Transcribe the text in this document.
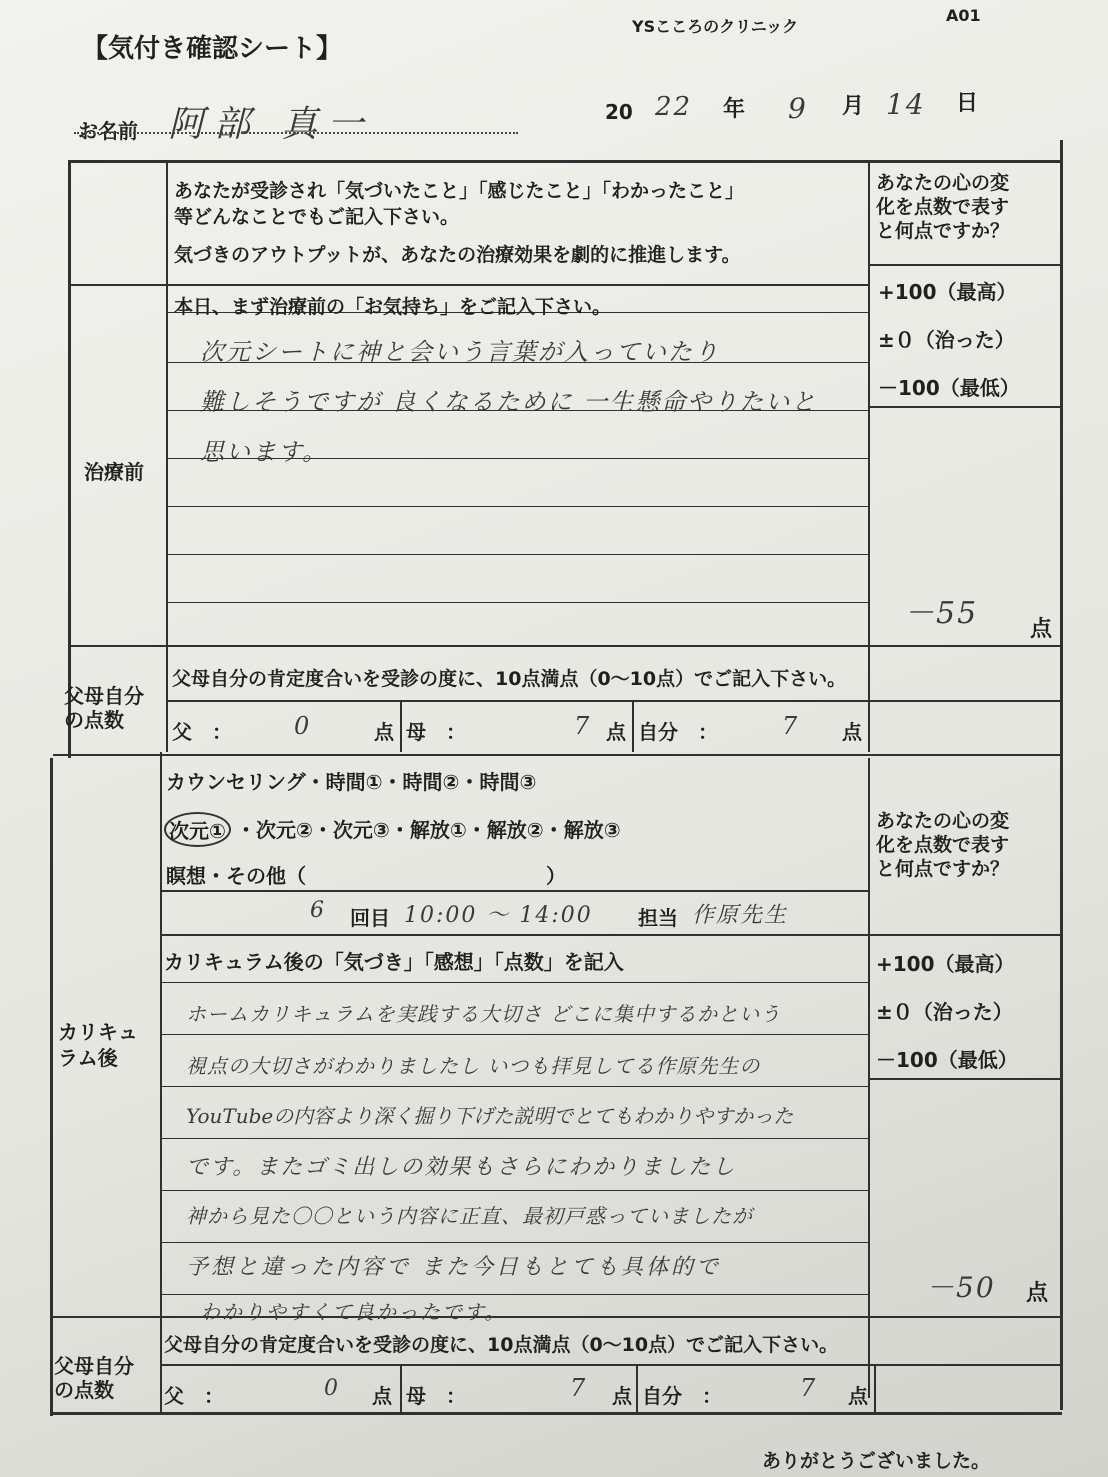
【気付き確認シート】
YSこころのクリニック
A01
お名前 阿部 真一	20 22 年 9 月 14 日
あなたが受診され「気づいたこと」「感じたこと」「わかったこと」
等どんなことでもご記入下さい。
気づきのアウトプットが、あなたの治療効果を劇的に推進します。
あなたの心の変
化を点数で表す
と何点ですか？
治療前
本日、まず治療前の「お気持ち」をご記入下さい。
次元シートに神と会いう言葉が入っていたり
難しそうですが 良くなるために 一生懸命やりたいと
思います。
+100（最高）
±０（治った）
－100（最低）
－55 点
父母自分
の点数
父母自分の肯定度合いを受診の度に、10点満点（0〜10点）でご記入下さい。
父　：	0	点 母　：	7 点 自分　：	7 点
カリキュ
ラム後
カウンセリング・時間①・時間②・時間③
次元① ・次元②・次元③・解放①・解放②・解放③
瞑想・その他（　　　　　　　　　　　　）
6 回目 10:00 〜 14:00 担当 作原先生
あなたの心の変
化を点数で表す
と何点ですか？
カリキュラム後の「気づき」「感想」「点数」を記入
ホームカリキュラムを実践する大切さ どこに集中するかという
視点の大切さがわかりましたし いつも拝見してる作原先生の
YouTubeの内容より深く掘り下げた説明でとてもわかりやすかった
です。またゴミ出しの効果もさらにわかりましたし
神から見た〇〇という内容に正直、最初戸惑っていましたが
予想と違った内容で また今日もとても具体的で
わかりやすくて良かったです。
+100（最高）
±０（治った）
－100（最低）
－50 点
父母自分
の点数
父母自分の肯定度合いを受診の度に、10点満点（0〜10点）でご記入下さい。
父　：	0 点 母　：	7 点 自分　：	7 点
ありがとうございました。
